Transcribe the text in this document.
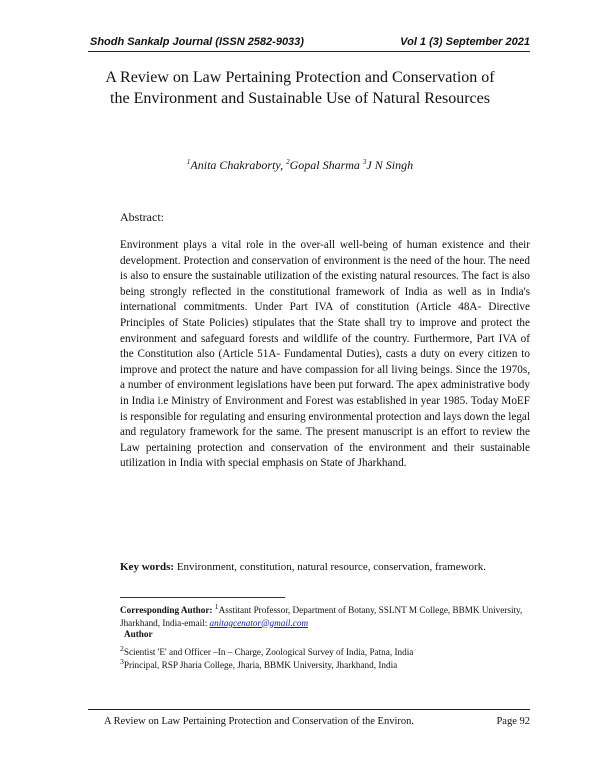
Shodh Sankalp Journal (ISSN 2582-9033)	Vol 1 (3) September 2021
A Review on Law Pertaining Protection and Conservation of the Environment and Sustainable Use of Natural Resources
$^1$Anita Chakraborty, $^2$Gopal Sharma $^3$J N Singh
Abstract:

Environment plays a vital role in the over-all well-being of human existence and their development. Protection and conservation of environment is the need of the hour. The need is also to ensure the sustainable utilization of the existing natural resources. The fact is also being strongly reflected in the constitutional framework of India as well as in India's international commitments. Under Part IVA of constitution (Article 48A- Directive Principles of State Policies) stipulates that the State shall try to improve and protect the environment and safeguard forests and wildlife of the country. Furthermore, Part IVA of the Constitution also (Article 51A- Fundamental Duties), casts a duty on every citizen to improve and protect the nature and have compassion for all living beings. Since the 1970s, a number of environment legislations have been put forward. The apex administrative body in India i.e Ministry of Environment and Forest was established in year 1985. Today MoEF is responsible for regulating and ensuring environmental protection and lays down the legal and regulatory framework for the same. The present manuscript is an effort to review the Law pertaining protection and conservation of the environment and their sustainable utilization in India with special emphasis on State of Jharkhand.

Key words: Environment, constitution, natural resource, conservation, framework.
Corresponding Author: $^1$Asstitant Professor, Department of Botany, SSLNT M College, BBMK University, Jharkhand, India-email: anitagcenator@gmail.com
Author
$^2$Scientist 'E' and Officer –In – Charge, Zoological Survey of India, Patna, India
$^3$Principal, RSP Jharia College, Jharia, BBMK University, Jharkhand, India
A Review on Law Pertaining Protection and Conservation of the Environ.	Page 92
